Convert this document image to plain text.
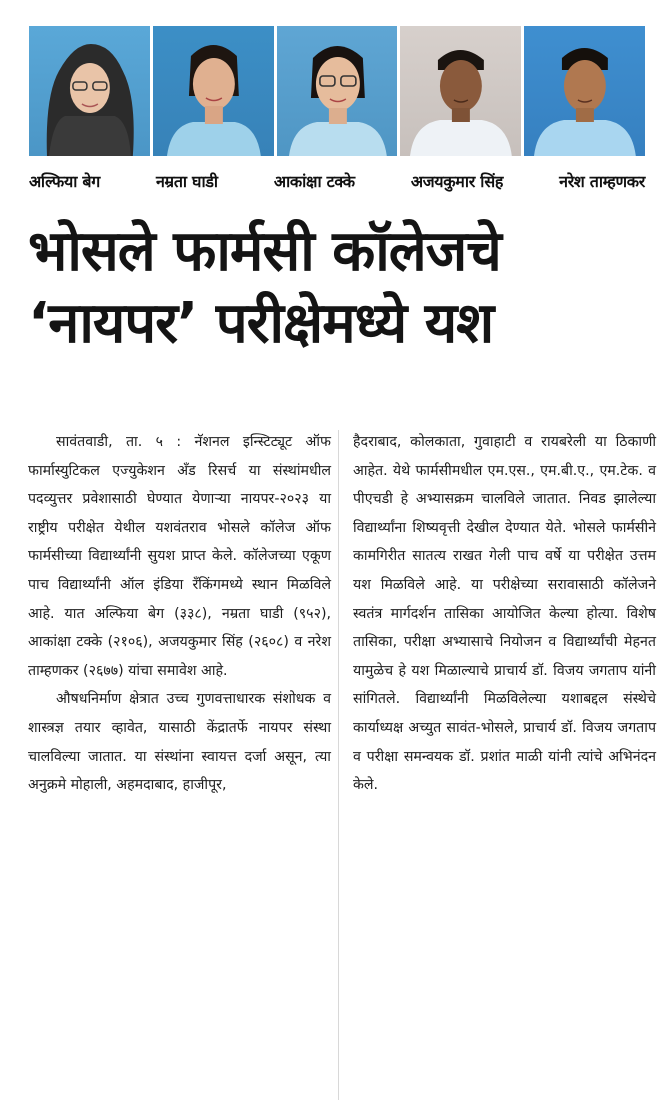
अल्फिया बेग	नम्रता घाडी	आकांक्षा टक्के	अजयकुमार सिंह	नरेश ताम्हणकर
भोसले फार्मसी कॉलेजचे
‘नायपर’ परीक्षेमध्ये यश

सावंतवाडी, ता. ५ : नॅशनल इन्स्टिट्यूट ऑफ फार्मास्युटिकल एज्युकेशन अँड रिसर्च या संस्थांमधील पदव्युत्तर प्रवेशासाठी घेण्यात येणाऱ्या नायपर-२०२३ या राष्ट्रीय परीक्षेत येथील यशवंतराव भोसले कॉलेज ऑफ फार्मसीच्या विद्यार्थ्यांनी सुयश प्राप्त केले. कॉलेजच्या एकूण पाच विद्यार्थ्यांनी ऑल इंडिया रँकिंगमध्ये स्थान मिळविले आहे. यात अल्फिया बेग (३३८), नम्रता घाडी (९५२), आकांक्षा टक्के (२१०६), अजयकुमार सिंह (२६०८) व नरेश ताम्हणकर (२६७७) यांचा समावेश आहे.

औषधनिर्माण क्षेत्रात उच्च गुणवत्ताधारक संशोधक व शास्त्रज्ञ तयार व्हावेत, यासाठी केंद्रातर्फे नायपर संस्था चालविल्या जातात. या संस्थांना स्वायत्त दर्जा असून, त्या अनुक्रमे मोहाली, अहमदाबाद, हाजीपूर,

हैदराबाद, कोलकाता, गुवाहाटी व रायबरेली या ठिकाणी आहेत. येथे फार्मसीमधील एम.एस., एम.बी.ए., एम.टेक. व पीएचडी हे अभ्यासक्रम चालविले जातात. निवड झालेल्या विद्यार्थ्यांना शिष्यवृत्ती देखील देण्यात येते. भोसले फार्मसीने कामगिरीत सातत्य राखत गेली पाच वर्षे या परीक्षेत उत्तम यश मिळविले आहे. या परीक्षेच्या सरावासाठी कॉलेजने स्वतंत्र मार्गदर्शन तासिका आयोजित केल्या होत्या. विशेष तासिका, परीक्षा अभ्यासाचे नियोजन व विद्यार्थ्यांची मेहनत यामुळेच हे यश मिळाल्याचे प्राचार्य डॉ. विजय जगताप यांनी सांगितले. विद्यार्थ्यांनी मिळविलेल्या यशाबद्दल संस्थेचे कार्याध्यक्ष अच्युत सावंत-भोसले, प्राचार्य डॉ. विजय जगताप व परीक्षा समन्वयक डॉ. प्रशांत माळी यांनी त्यांचे अभिनंदन केले.
